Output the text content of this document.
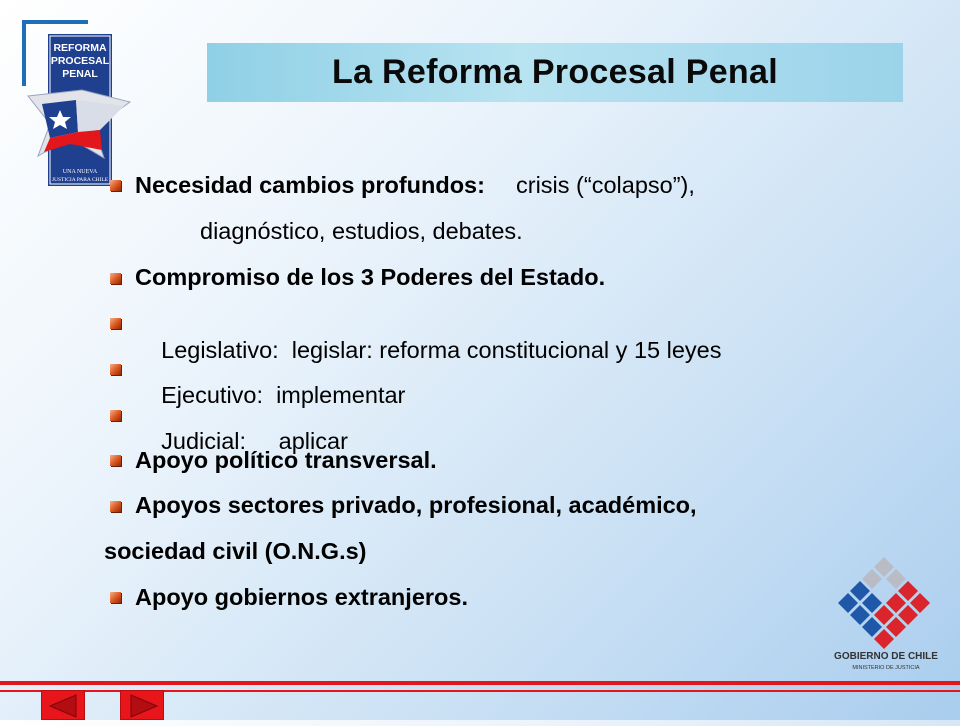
REFORMA
PROCESAL
PENAL
UNA NUEVA
JUSTICIA PARA CHILE
La Reforma Procesal Penal
Necesidad cambios profundos: crisis (“colapso”),
diagnóstico, estudios, debates.
Compromiso de los 3 Poderes del Estado.

Legislativo:  legislar: reforma constitucional y 15 leyes

Ejecutivo:  implementar

Judicial:     aplicar

Apoyo político transversal.
Apoyos sectores privado, profesional, académico,
sociedad civil (O.N.G.s)
Apoyo gobiernos extranjeros.
GOBIERNO DE CHILE
MINISTERIO DE JUSTICIA
